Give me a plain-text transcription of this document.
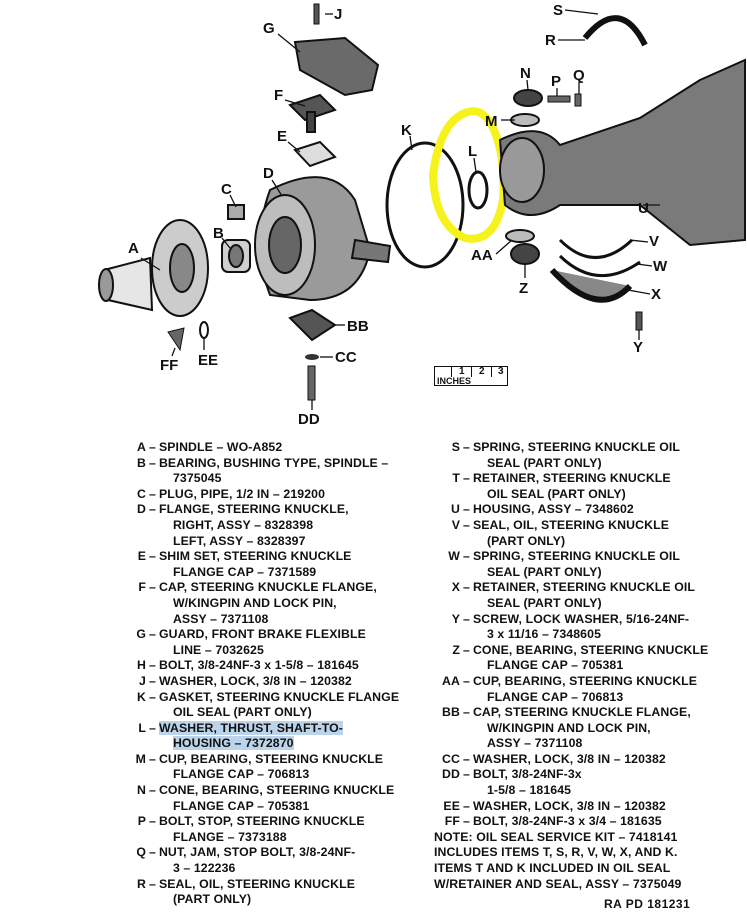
A
B
C
D
E
F
G
J
K
L
M
N P Q
R
S
U
V
W
X
Y
Z
AA
BB
CC
DD
EE
FF	1 2 3
INCHES
A – SPINDLE – WO-A852
B – BEARING, BUSHING TYPE, SPINDLE –
7375045
C – PLUG, PIPE, 1/2 IN – 219200
D – FLANGE, STEERING KNUCKLE,
RIGHT, ASSY – 8328398
LEFT, ASSY – 8328397
E – SHIM SET, STEERING KNUCKLE
FLANGE CAP – 7371589
F – CAP, STEERING KNUCKLE FLANGE,
W/KINGPIN AND LOCK PIN,
ASSY – 7371108
G – GUARD, FRONT BRAKE FLEXIBLE
LINE – 7032625
H – BOLT, 3/8-24NF-3 x 1-5/8 – 181645
J – WASHER, LOCK, 3/8 IN – 120382
K – GASKET, STEERING KNUCKLE FLANGE
OIL SEAL (PART ONLY)
L – WASHER, THRUST, SHAFT-TO-
HOUSING – 7372870
M – CUP, BEARING, STEERING KNUCKLE
FLANGE CAP – 706813
N – CONE, BEARING, STEERING KNUCKLE
FLANGE CAP – 705381
P – BOLT, STOP, STEERING KNUCKLE
FLANGE – 7373188
Q – NUT, JAM, STOP BOLT, 3/8-24NF-
3 – 122236
R – SEAL, OIL, STEERING KNUCKLE
(PART ONLY)
S – SPRING, STEERING KNUCKLE OIL
SEAL (PART ONLY)
T – RETAINER, STEERING KNUCKLE
OIL SEAL (PART ONLY)
U – HOUSING, ASSY – 7348602
V – SEAL, OIL, STEERING KNUCKLE
(PART ONLY)
W – SPRING, STEERING KNUCKLE OIL
SEAL (PART ONLY)
X – RETAINER, STEERING KNUCKLE OIL
SEAL (PART ONLY)
Y – SCREW, LOCK WASHER, 5/16-24NF-
3 x 11/16 – 7348605
Z – CONE, BEARING, STEERING KNUCKLE
FLANGE CAP – 705381
AA – CUP, BEARING, STEERING KNUCKLE
FLANGE CAP – 706813
BB – CAP, STEERING KNUCKLE FLANGE,
W/KINGPIN AND LOCK PIN,
ASSY – 7371108
CC – WASHER, LOCK, 3/8 IN – 120382
DD – BOLT, 3/8-24NF-3x
1-5/8 – 181645
EE – WASHER, LOCK, 3/8 IN – 120382
FF – BOLT, 3/8-24NF-3 x 3/4 – 181635
NOTE: OIL SEAL SERVICE KIT – 7418141
INCLUDES ITEMS T, S, R, V, W, X, AND K.
ITEMS T AND K INCLUDED IN OIL SEAL
W/RETAINER AND SEAL, ASSY – 7375049
RA PD 181231
